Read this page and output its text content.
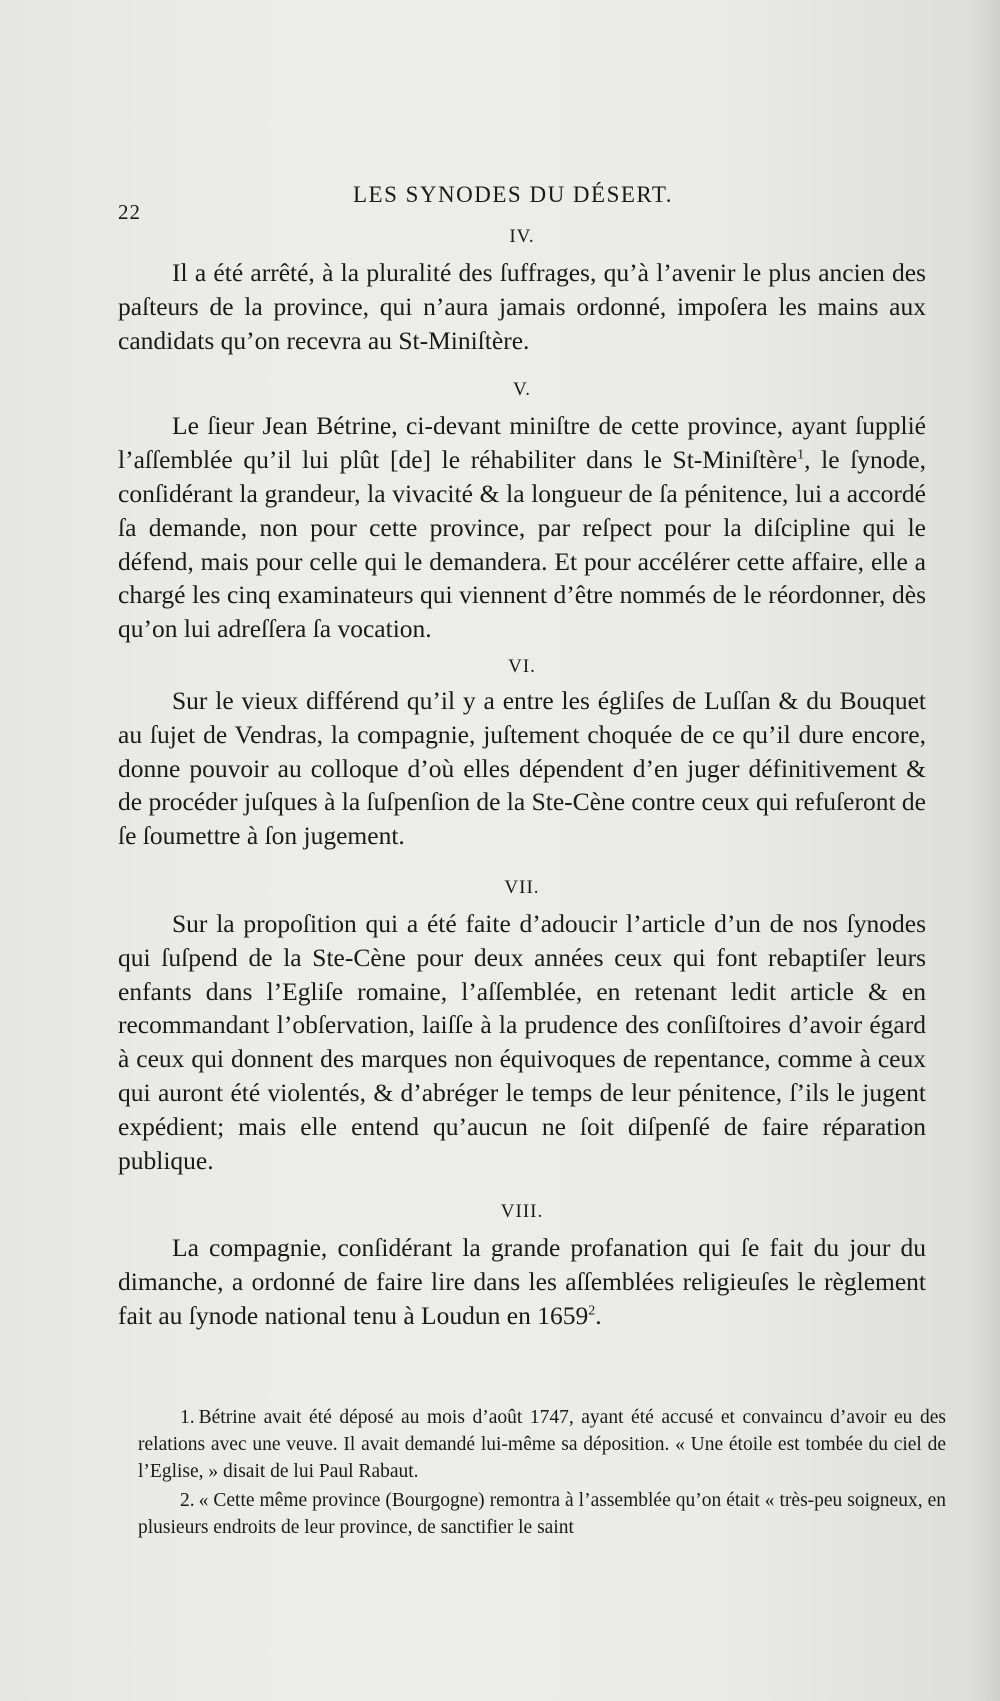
22
LES SYNODES DU DÉSERT.
IV.

Il a été arrêté, à la pluralité des ſuffrages, qu’à l’avenir le plus ancien des paſteurs de la province, qui n’aura jamais ordonné, impoſera les mains aux candidats qu’on recevra au St-Miniſtère.

V.

Le ſieur Jean Bétrine, ci-devant miniſtre de cette province, ayant ſupplié l’aſſemblée qu’il lui plût [de] le réhabiliter dans le St-Miniſtère$^1$, le ſynode, conſidérant la grandeur, la vivacité & la longueur de ſa pénitence, lui a accordé ſa demande, non pour cette province, par reſpect pour la diſcipline qui le défend, mais pour celle qui le demandera. Et pour accélérer cette affaire, elle a chargé les cinq examinateurs qui viennent d’être nommés de le réordonner, dès qu’on lui adreſſera ſa vocation.

VI.

Sur le vieux différend qu’il y a entre les égliſes de Luſſan & du Bouquet au ſujet de Vendras, la compagnie, juſtement choquée de ce qu’il dure encore, donne pouvoir au colloque d’où elles dépendent d’en juger définitivement & de procéder juſques à la ſuſpenſion de la Ste-Cène contre ceux qui refuſeront de ſe ſoumettre à ſon jugement.

VII.

Sur la propoſition qui a été faite d’adoucir l’article d’un de nos ſynodes qui ſuſpend de la Ste-Cène pour deux années ceux qui font rebaptiſer leurs enfants dans l’Egliſe romaine, l’aſſemblée, en retenant ledit article & en recommandant l’obſervation, laiſſe à la prudence des conſiſtoires d’avoir égard à ceux qui donnent des marques non équivoques de repentance, comme à ceux qui auront été violentés, & d’abréger le temps de leur pénitence, ſ’ils le jugent expédient; mais elle entend qu’aucun ne ſoit diſpenſé de faire réparation publique.

VIII.

La compagnie, conſidérant la grande profanation qui ſe fait du jour du dimanche, a ordonné de faire lire dans les aſſemblées religieuſes le règlement fait au ſynode national tenu à Loudun en 1659$^2$.

1. Bétrine avait été déposé au mois d’août 1747, ayant été accusé et convaincu d’avoir eu des relations avec une veuve. Il avait demandé lui-même sa déposition. « Une étoile est tombée du ciel de l’Eglise, » disait de lui Paul Rabaut.

2. « Cette même province (Bourgogne) remontra à l’assemblée qu’on était « très-peu soigneux, en plusieurs endroits de leur province, de sanctifier le saint
